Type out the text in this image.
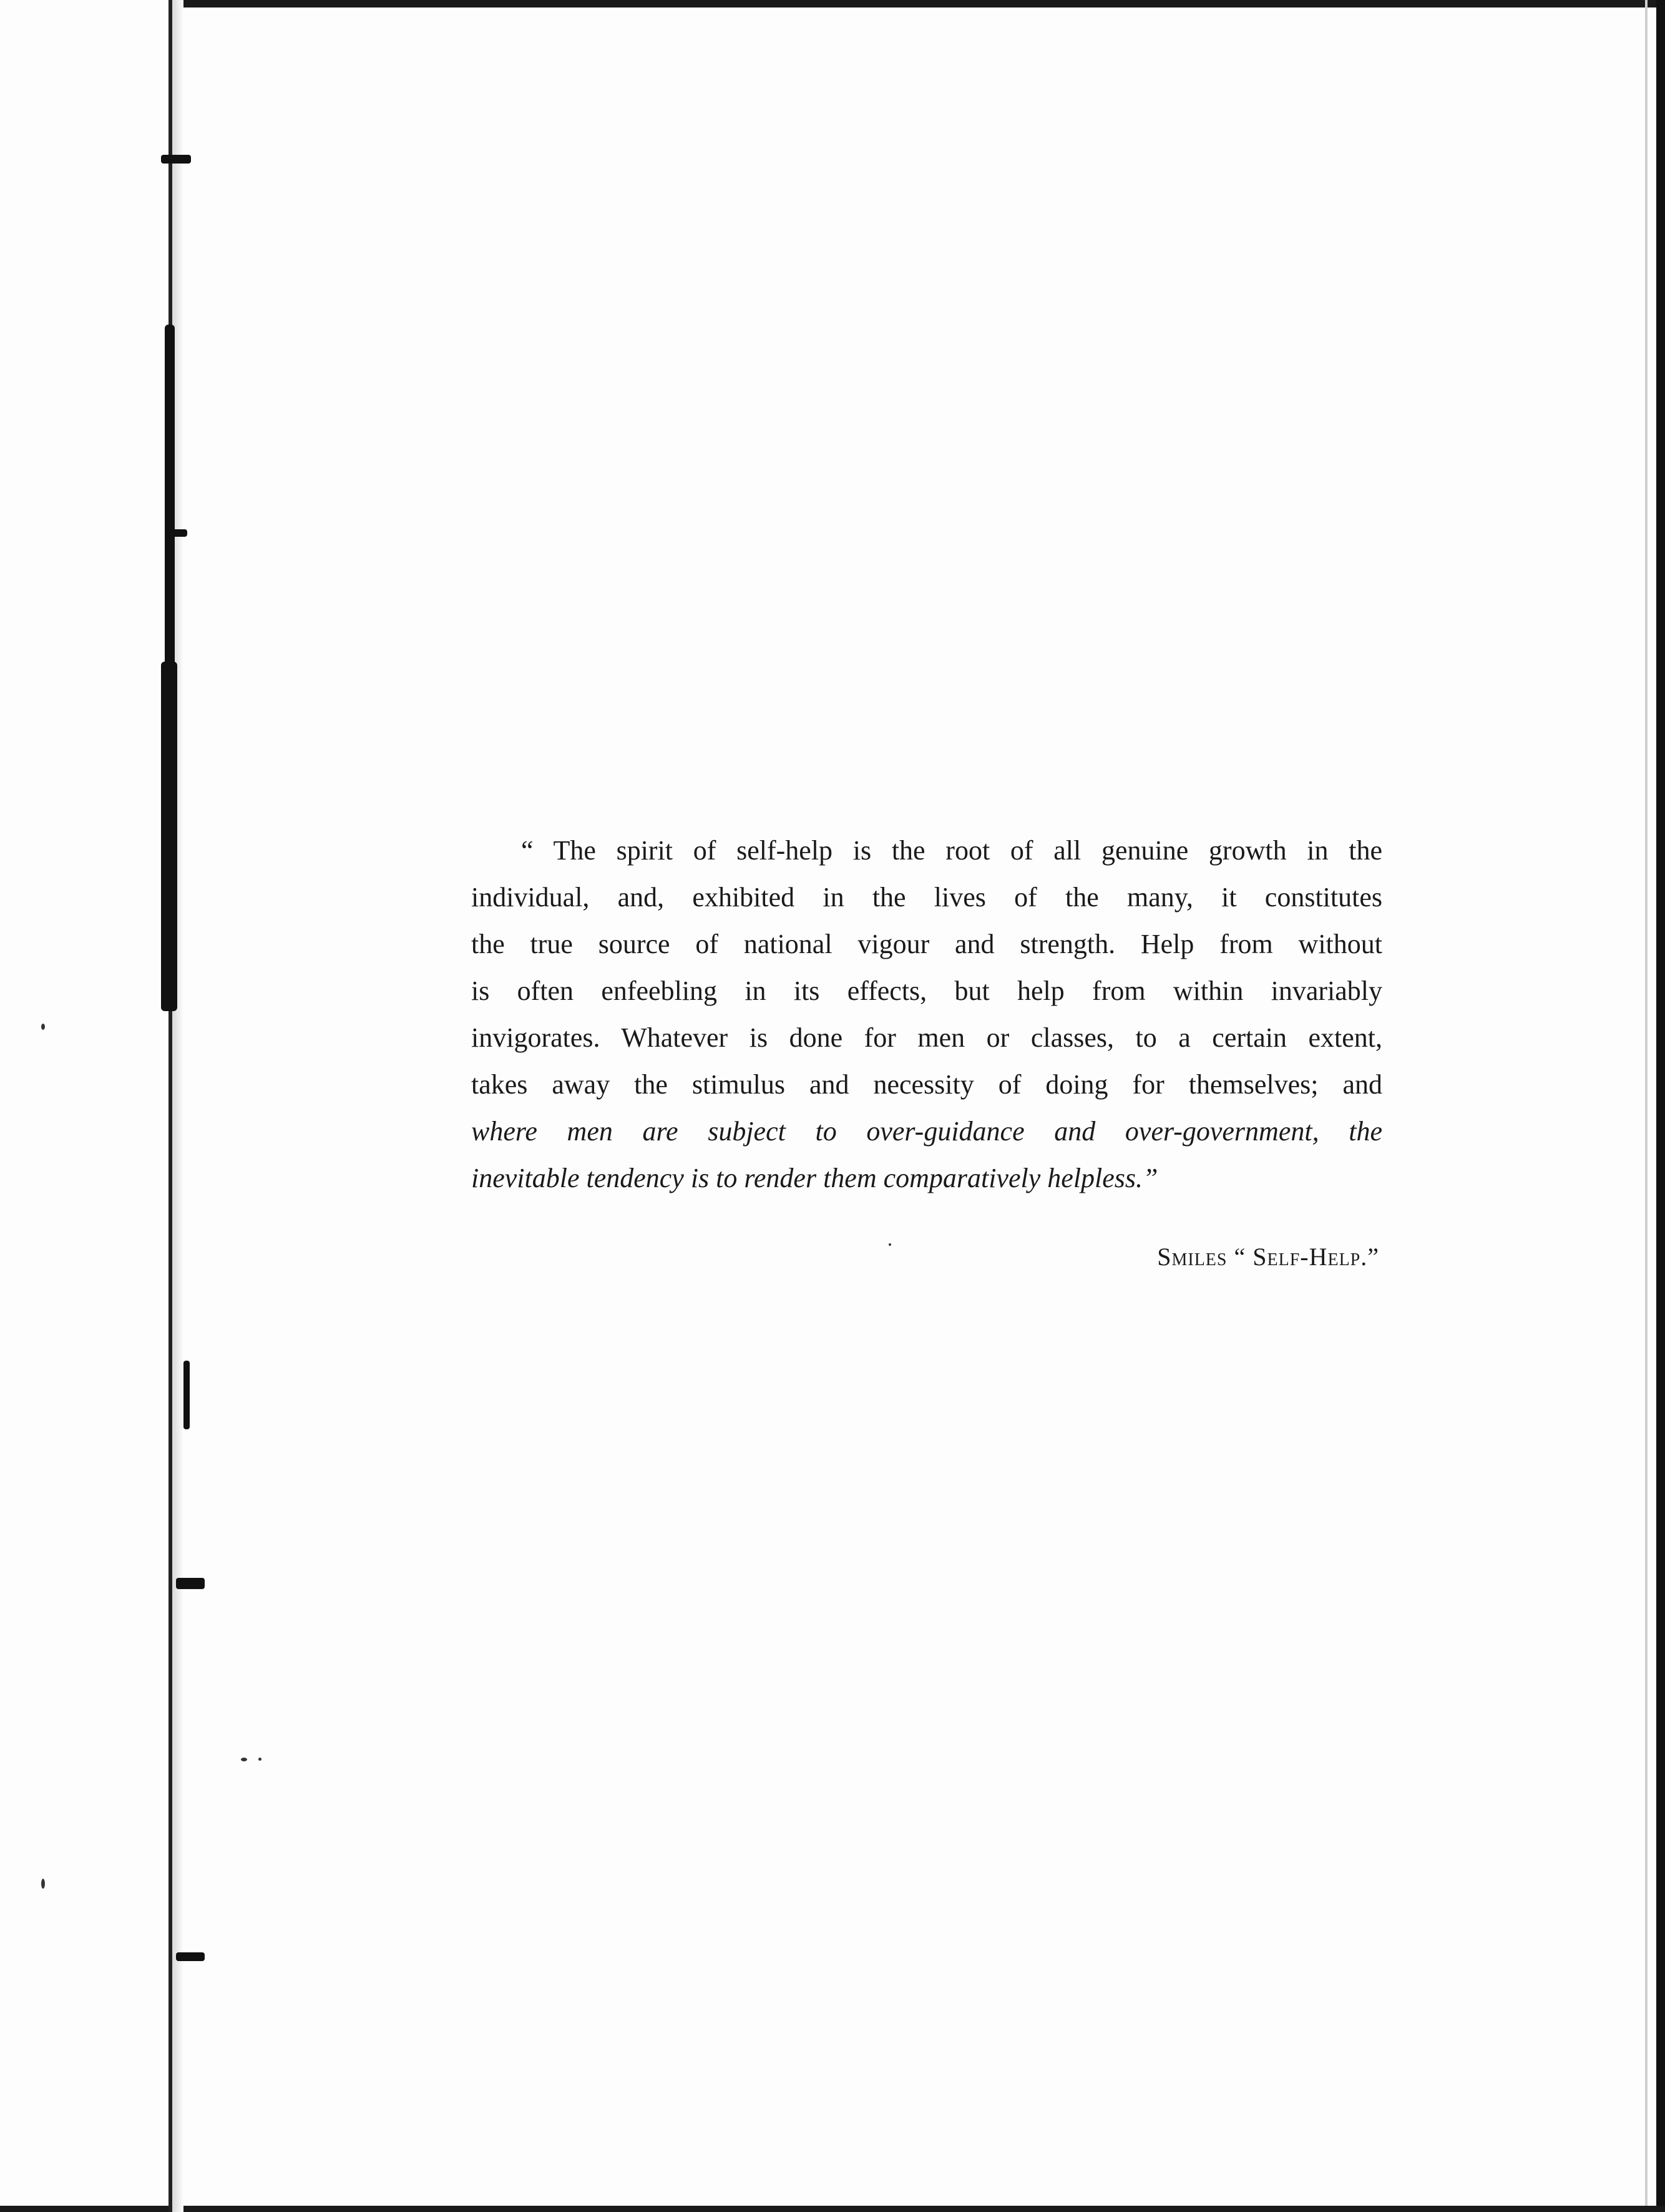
“ The spirit of self-help is the root of all genuine growth in the
individual, and, exhibited in the lives of the many, it constitutes
the true source of national vigour and strength. Help from without
is often enfeebling in its effects, but help from within invariably
invigorates. Whatever is done for men or classes, to a certain extent,
takes away the stimulus and necessity of doing for themselves; and
where men are subject to over-guidance and over-government, the
inevitable tendency is to render them comparatively helpless.”
Smiles “ Self-Help.”
